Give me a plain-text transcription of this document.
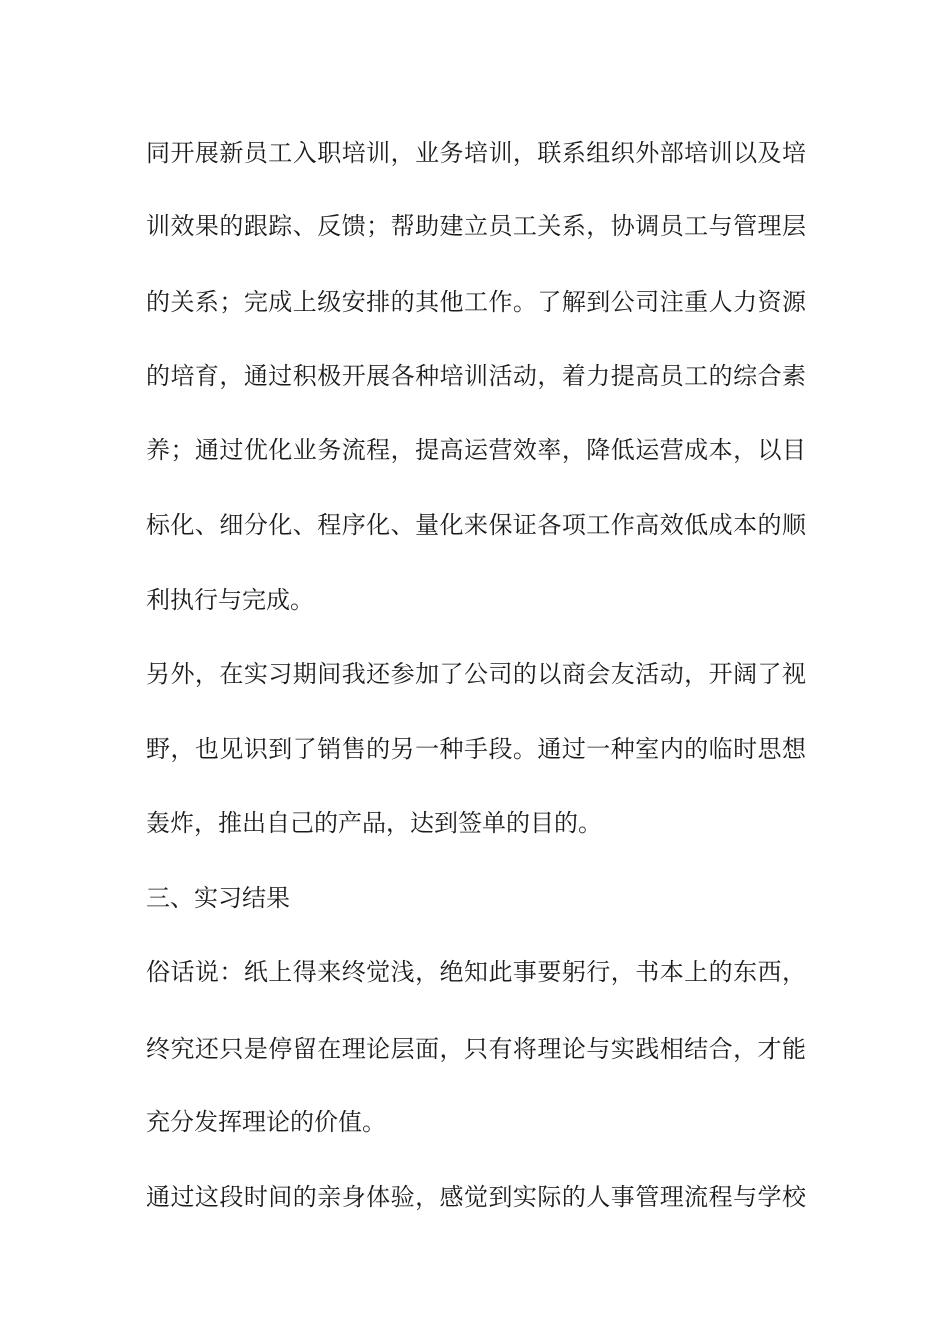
同开展新员工入职培训，业务培训，联系组织外部培训以及培

训效果的跟踪、反馈；帮助建立员工关系，协调员工与管理层

的关系；完成上级安排的其他工作。了解到公司注重人力资源

的培育，通过积极开展各种培训活动，着力提高员工的综合素

养；通过优化业务流程，提高运营效率，降低运营成本，以目

标化、细分化、程序化、量化来保证各项工作高效低成本的顺

利执行与完成。

另外，在实习期间我还参加了公司的以商会友活动，开阔了视

野，也见识到了销售的另一种手段。通过一种室内的临时思想

轰炸，推出自己的产品，达到签单的目的。

三、实习结果

俗话说：纸上得来终觉浅，绝知此事要躬行，书本上的东西，

终究还只是停留在理论层面，只有将理论与实践相结合，才能

充分发挥理论的价值。

通过这段时间的亲身体验，感觉到实际的人事管理流程与学校
